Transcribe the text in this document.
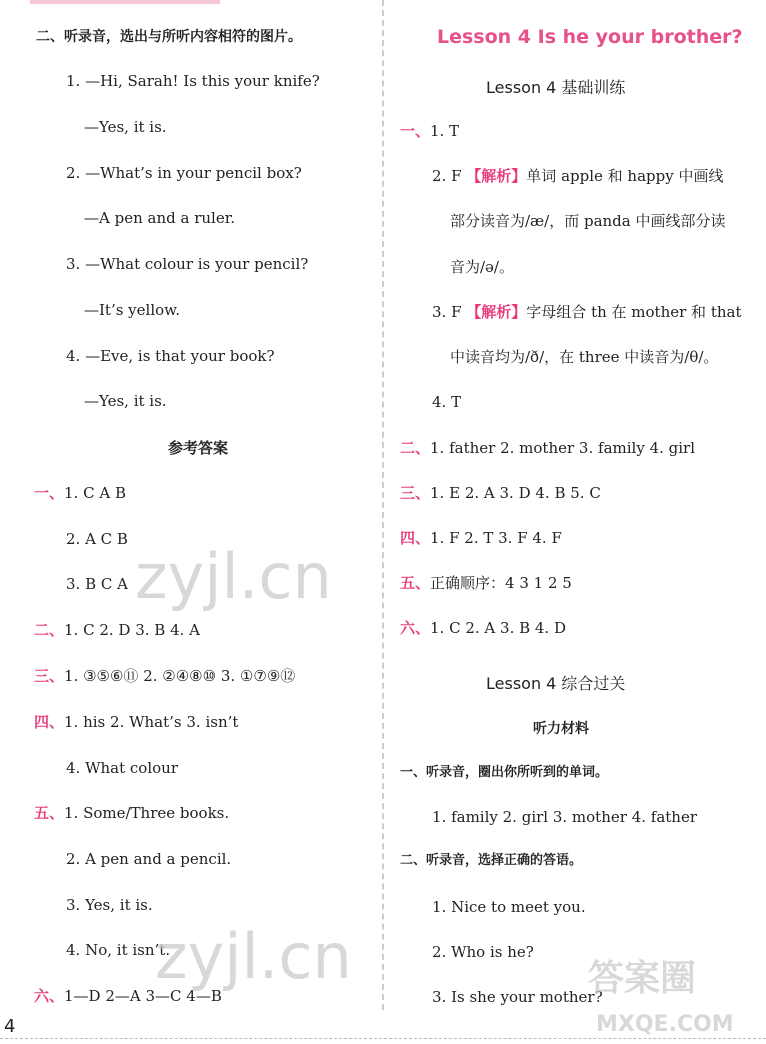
二、听录音，选出与所听内容相符的图片。
1. —Hi, Sarah! Is this your knife?
—Yes, it is.
2. —What’s in your pencil box?
—A pen and a ruler.
3. —What colour is your pencil?
—It’s yellow.
4. —Eve, is that your book?
—Yes, it is.
参考答案
一、1. C A B
2. A C B
3. B C A
二、1. C 2. D 3. B 4. A
三、1. ③⑤⑥⑪ 2. ②④⑧⑩ 3. ①⑦⑨⑫
四、1. his 2. What’s 3. isn’t
4. What colour
五、1. Some/Three books.
2. A pen and a pencil.
3. Yes, it is.
4. No, it isn’t.
六、1—D 2—A 3—C 4—B
Lesson 4 Is he your brother?
Lesson 4 基础训练
一、1. T
2. F 【解析】单词 apple 和 happy 中画线
部分读音为/æ/，而 panda 中画线部分读
音为/ə/。
3. F 【解析】字母组合 th 在 mother 和 that
中读音均为/ð/，在 three 中读音为/θ/。
4. T
二、1. father 2. mother 3. family 4. girl
三、1. E 2. A 3. D 4. B 5. C
四、1. F 2. T 3. F 4. F
五、正确顺序：4 3 1 2 5
六、1. C 2. A 3. B 4. D
Lesson 4 综合过关
听力材料
一、听录音，圈出你所听到的单词。
1. family 2. girl 3. mother 4. father
二、听录音，选择正确的答语。
1. Nice to meet you.
2. Who is he?
3. Is she your mother?
zyjl.cn
zyjl.cn	答案圈
MXQE.COM
4
